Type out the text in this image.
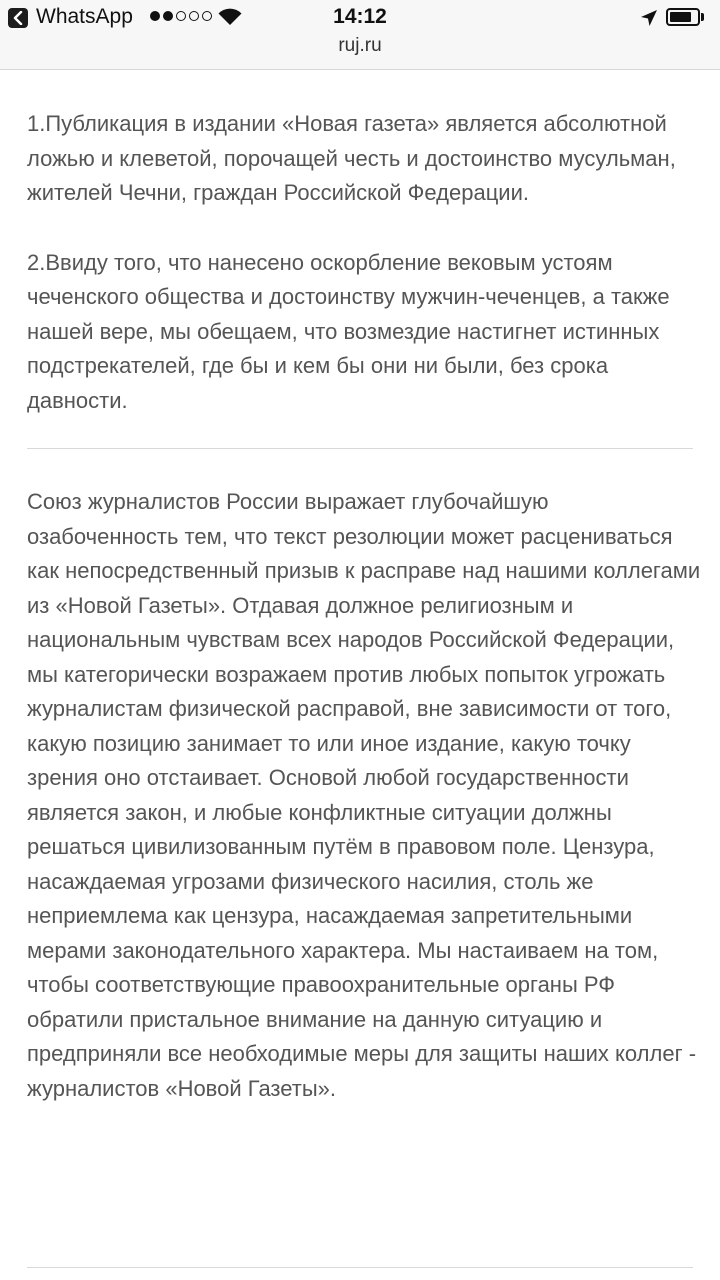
WhatsApp	14:12
ruj.ru

1.Публикация в издании «Новая газета» является абсолютной ложью и клеветой, порочащей честь и достоинство мусульман, жителей Чечни, граждан Российской Федерации.

2.Ввиду того, что нанесено оскорбление вековым устоям чеченского общества и достоинству мужчин-чеченцев, а также нашей вере, мы обещаем, что возмездие настигнет истинных подстрекателей, где бы и кем бы они ни были, без срока давности.

Союз журналистов России выражает глубочайшую озабоченность тем, что текст резолюции может расцениваться как непосредственный призыв к расправе над нашими коллегами из «Новой Газеты». Отдавая должное религиозным и национальным чувствам всех народов Российской Федерации, мы категорически возражаем против любых попыток угрожать журналистам физической расправой, вне зависимости от того, какую позицию занимает то или иное издание, какую точку зрения оно отстаивает. Основой любой государственности является закон, и любые конфликтные ситуации должны решаться цивилизованным путём в правовом поле. Цензура, насаждаемая угрозами физического насилия, столь же неприемлема как цензура, насаждаемая запретительными мерами законодательного характера. Мы настаиваем на том, чтобы соответствующие правоохранительные органы РФ обратили пристальное внимание на данную ситуацию и предприняли все необходимые меры для защиты наших коллег - журналистов «Новой Газеты».
